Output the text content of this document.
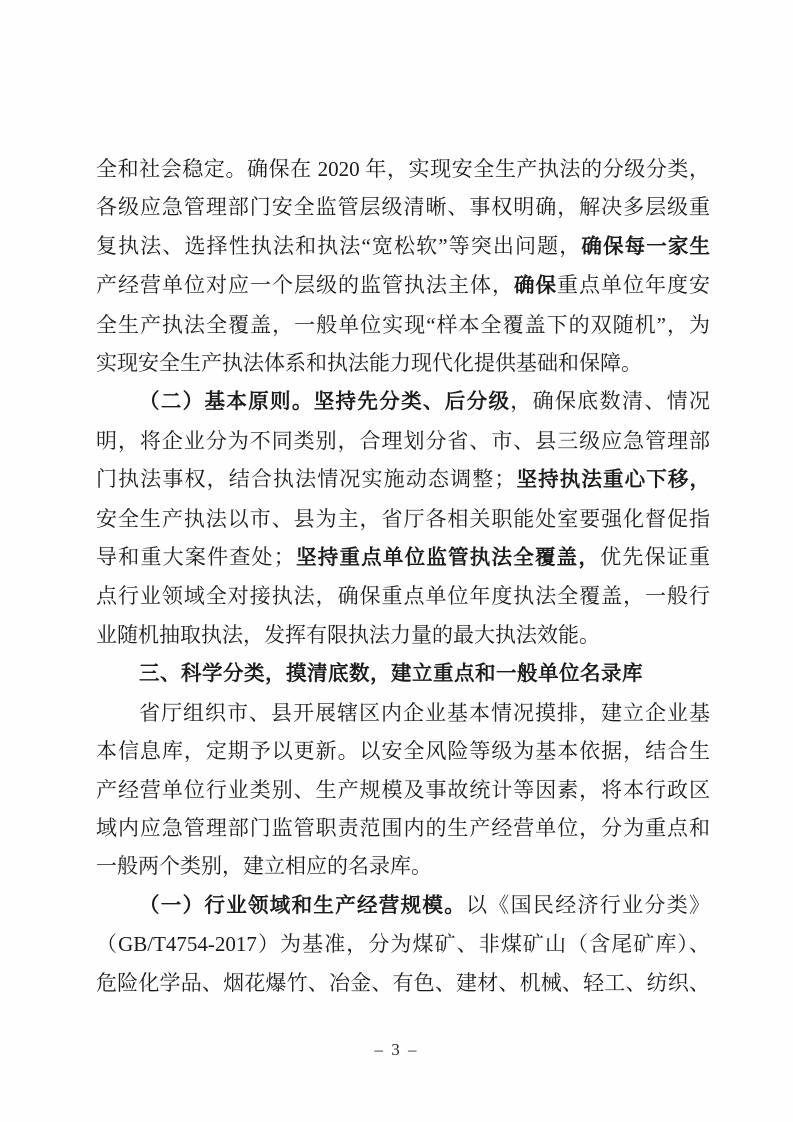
全和社会稳定。确保在 2020 年，实现安全生产执法的分级分类，
各级应急管理部门安全监管层级清晰、事权明确，解决多层级重
复执法、选择性执法和执法“宽松软”等突出问题，确保每一家生
产经营单位对应一个层级的监管执法主体，确保重点单位年度安
全生产执法全覆盖，一般单位实现“样本全覆盖下的双随机”，为
实现安全生产执法体系和执法能力现代化提供基础和保障。
（二）基本原则。坚持先分类、后分级，确保底数清、情况
明，将企业分为不同类别，合理划分省、市、县三级应急管理部
门执法事权，结合执法情况实施动态调整；坚持执法重心下移，
安全生产执法以市、县为主，省厅各相关职能处室要强化督促指
导和重大案件查处；坚持重点单位监管执法全覆盖，优先保证重
点行业领域全对接执法，确保重点单位年度执法全覆盖，一般行
业随机抽取执法，发挥有限执法力量的最大执法效能。
三、科学分类，摸清底数，建立重点和一般单位名录库
省厅组织市、县开展辖区内企业基本情况摸排，建立企业基
本信息库，定期予以更新。以安全风险等级为基本依据，结合生
产经营单位行业类别、生产规模及事故统计等因素，将本行政区
域内应急管理部门监管职责范围内的生产经营单位，分为重点和
一般两个类别，建立相应的名录库。
（一）行业领域和生产经营规模。以《国民经济行业分类》
（GB/T4754-2017）为基准，分为煤矿、非煤矿山（含尾矿库）、
危险化学品、烟花爆竹、冶金、有色、建材、机械、轻工、纺织、
– 3 –
